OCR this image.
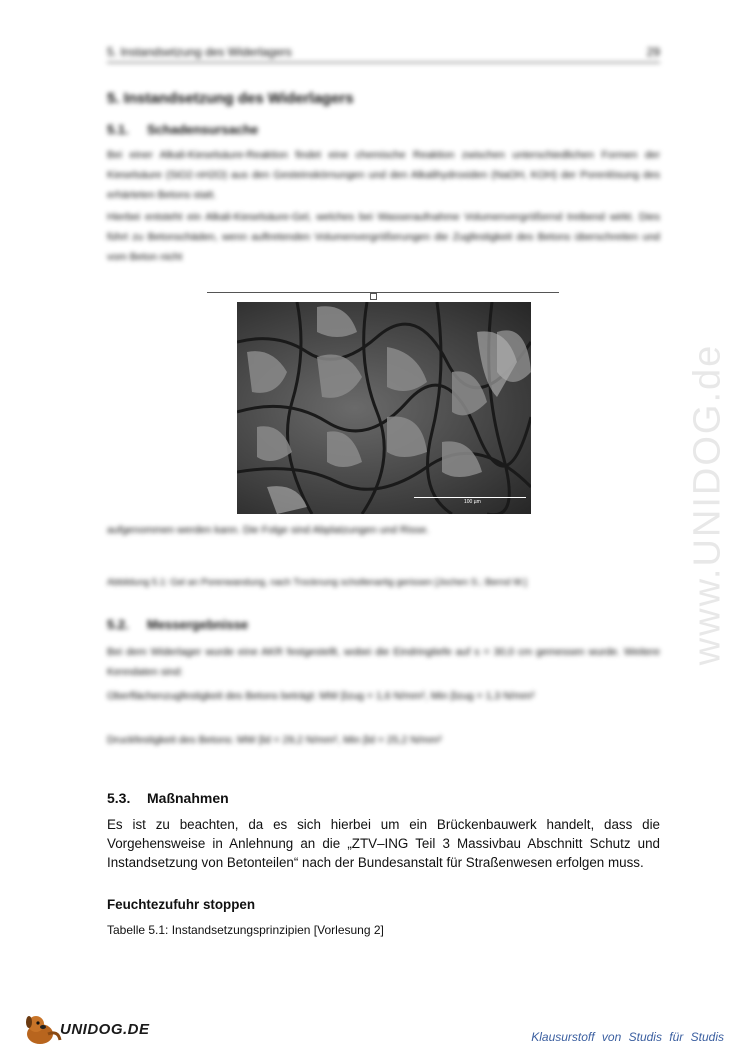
www.UNIDOG.de
5. Instandsetzung des Widerlagers	29
5. Instandsetzung des Widerlagers
5.1. Schadensursache

Bei einer Alkali-Kieselsäure-Reaktion findet eine chemische Reaktion zwischen unterschiedlichen Formen der Kieselsäure (SiO2·nH2O) aus den Gesteinskörnungen und den Alkalihydroxiden (NaOH, KOH) der Porenlösung des erhärteten Betons statt.

Hierbei entsteht ein Alkali-Kieselsäure-Gel, welches bei Wasseraufnahme Volumenvergrößernd treibend wirkt. Dies führt zu Betonschäden, wenn auftretenden Volumenvergrößerungen die Zugfestigkeit des Betons überschreiten und vom Beton nicht

100 µm

aufgenommen werden kann. Die Folge sind Abplatzungen und Risse.

Abbildung 5.1: Gel an Porenwandung, nach Trocknung schollenartig gerissen [Jochen S.; Bernd W.]

5.2. Messergebnisse

Bei dem Widerlager wurde eine AKR festgestellt, wobei die Eindringtiefe auf s = 30,0 cm gemessen wurde. Weitere Kenndaten sind:

Oberflächenzugfestigkeit des Betons beträgt: MW βzug = 1,6 N/mm², Min βzug = 1,3 N/mm²

Druckfestigkeit des Betons: MW βd = 29,2 N/mm², Min βd = 25,2 N/mm²

5.3. Maßnahmen

Es ist zu beachten, da es sich hierbei um ein Brückenbauwerk handelt, dass die Vorgehensweise in Anlehnung an die „ZTV–ING Teil 3 Massivbau Abschnitt Schutz und Instandsetzung von Betonteilen“ nach der Bundesanstalt für Straßenwesen erfolgen muss.

Feuchtezufuhr stoppen

Tabelle 5.1: Instandsetzungsprinzipien [Vorlesung 2]

UNIDOG.DE	Klausurstoff von Studis für Studis
